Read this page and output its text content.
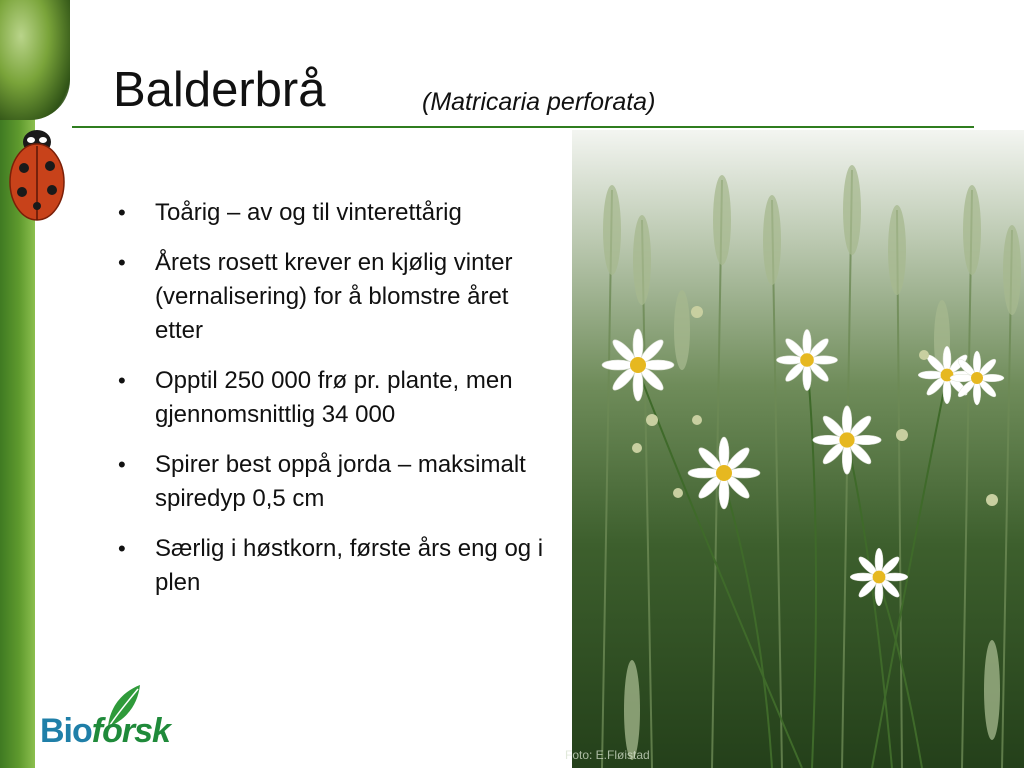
Balderbrå	(Matricaria perforata)
• Toårig – av og til vinterettårig
• Årets rosett krever en kjølig vinter (vernalisering) for å blomstre året etter
• Opptil 250 000 frø pr. plante, men gjennomsnittlig 34 000
• Spirer best oppå jorda – maksimalt spiredyp 0,5 cm
• Særlig i høstkorn, første års eng og i plen
Foto: E.Fløistad
Bioforsk
